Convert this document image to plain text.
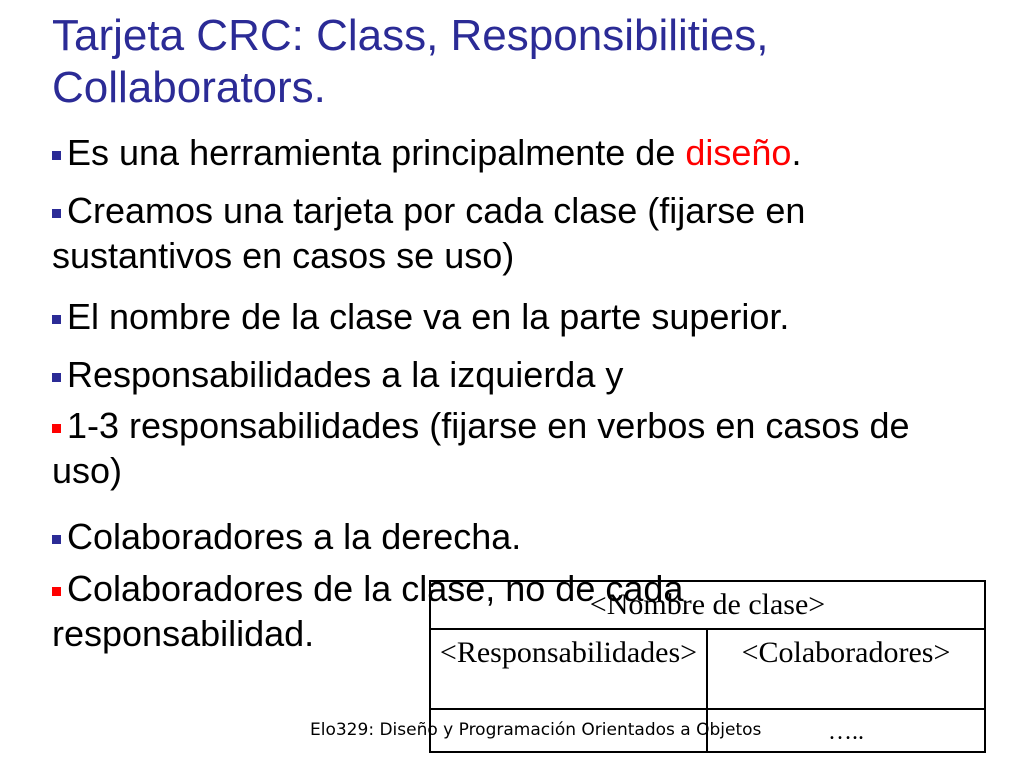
Tarjeta CRC: Class, Responsibilities, Collaborators.
Es una herramienta principalmente de diseño.
Creamos una tarjeta por cada clase (fijarse en sustantivos en casos se uso)
El nombre de la clase va en la parte superior.
Responsabilidades a la izquierda y
1-3 responsabilidades (fijarse en verbos en casos de uso)
Colaboradores a la derecha.
Colaboradores de la clase, no de cada responsabilidad.
<Nombre de clase>
<Responsabilidades>	<Colaboradores>
…..
Elo329: Diseño y Programación Orientados a Objetos
